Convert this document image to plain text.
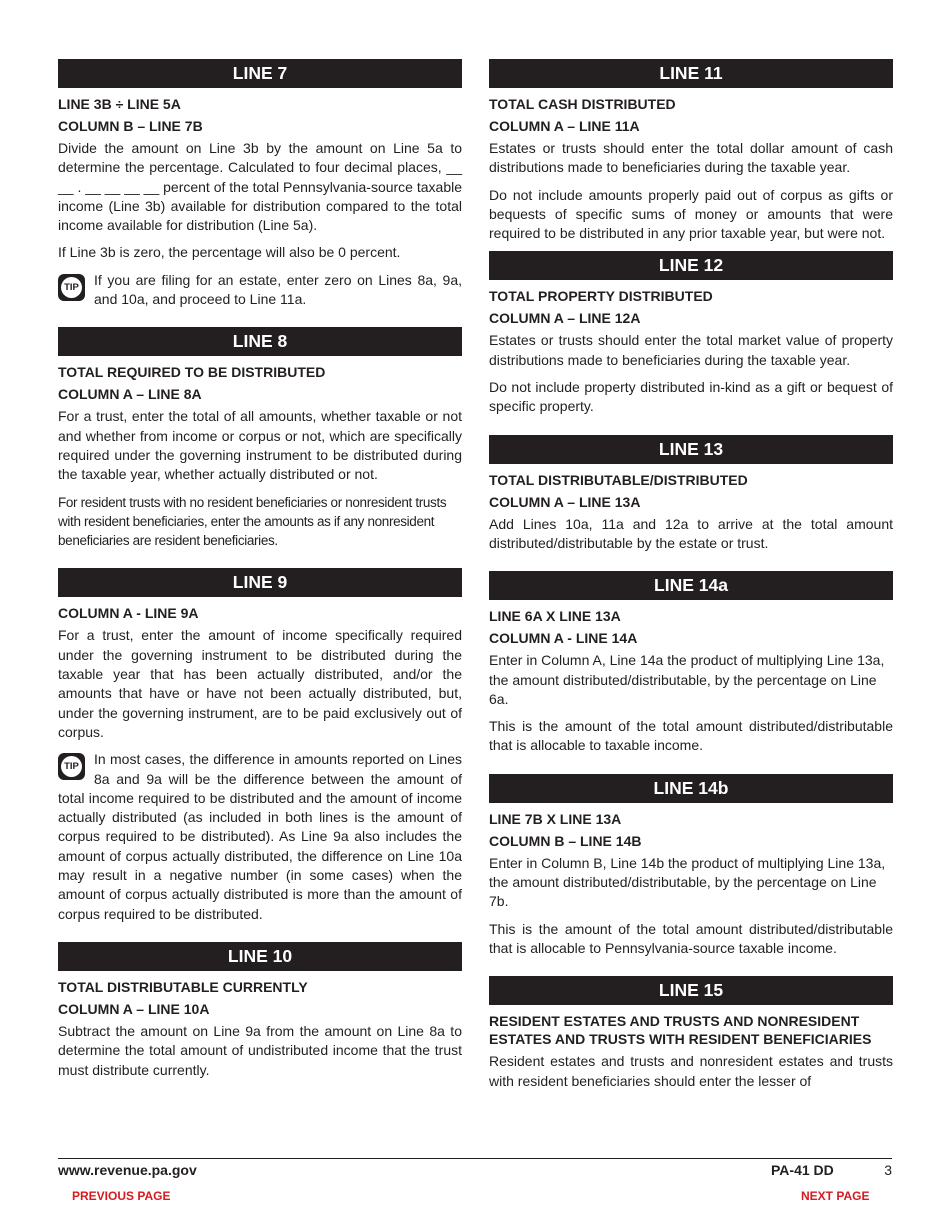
LINE 7
LINE 3B ÷ LINE 5A
COLUMN B – LINE 7B
Divide the amount on Line 3b by the amount on Line 5a to determine the percentage. Calculated to four decimal places, __ __ . __ __ __ __ percent of the total Pennsylvania-source taxable income (Line 3b) available for distribution compared to the total income available for distribution (Line 5a).
If Line 3b is zero, the percentage will also be 0 percent.
TIP If you are filing for an estate, enter zero on Lines 8a, 9a, and 10a, and proceed to Line 11a.
LINE 8
TOTAL REQUIRED TO BE DISTRIBUTED
COLUMN A – LINE 8A
For a trust, enter the total of all amounts, whether taxable or not and whether from income or corpus or not, which are specifically required under the governing instrument to be distributed during the taxable year, whether actually distributed or not.
For resident trusts with no resident beneficiaries or nonresident trusts with resident beneficiaries, enter the amounts as if any nonresident beneficiaries are resident beneficiaries.
LINE 9
COLUMN A - LINE 9A
For a trust, enter the amount of income specifically required under the governing instrument to be distributed during the taxable year that has been actually distributed, and/or the amounts that have or have not been actually distributed, but, under the governing instrument, are to be paid exclusively out of corpus.
TIP In most cases, the difference in amounts reported on Lines 8a and 9a will be the difference between the amount of total income required to be distributed and the amount of income actually distributed (as included in both lines is the amount of corpus required to be distributed). As Line 9a also includes the amount of corpus actually distributed, the difference on Line 10a may result in a negative number (in some cases) when the amount of corpus actually distributed is more than the amount of corpus required to be distributed.
LINE 10
TOTAL DISTRIBUTABLE CURRENTLY
COLUMN A – LINE 10A
Subtract the amount on Line 9a from the amount on Line 8a to determine the total amount of undistributed income that the trust must distribute currently.
LINE 11
TOTAL CASH DISTRIBUTED
COLUMN A – LINE 11A
Estates or trusts should enter the total dollar amount of cash distributions made to beneficiaries during the taxable year.
Do not include amounts properly paid out of corpus as gifts or bequests of specific sums of money or amounts that were required to be distributed in any prior taxable year, but were not.
LINE 12
TOTAL PROPERTY DISTRIBUTED
COLUMN A – LINE 12A
Estates or trusts should enter the total market value of property distributions made to beneficiaries during the taxable year.
Do not include property distributed in-kind as a gift or bequest of specific property.
LINE 13
TOTAL DISTRIBUTABLE/DISTRIBUTED
COLUMN A – LINE 13A
Add Lines 10a, 11a and 12a to arrive at the total amount distributed/distributable by the estate or trust.
LINE 14a
LINE 6A X LINE 13A
COLUMN A - LINE 14A
Enter in Column A, Line 14a the product of multiplying Line 13a, the amount distributed/distributable, by the percentage on Line 6a.
This is the amount of the total amount distributed/distributable that is allocable to taxable income.
LINE 14b
LINE 7B X LINE 13A
COLUMN B – LINE 14B
Enter in Column B, Line 14b the product of multiplying Line 13a, the amount distributed/distributable, by the percentage on Line 7b.
This is the amount of the total amount distributed/distributable that is allocable to Pennsylvania-source taxable income.
LINE 15
RESIDENT ESTATES AND TRUSTS AND NONRESIDENT ESTATES AND TRUSTS WITH RESIDENT BENEFICIARIES
Resident estates and trusts and nonresident estates and trusts with resident beneficiaries should enter the lesser of
www.revenue.pa.gov	PA-41 DD	3
PREVIOUS PAGE	NEXT PAGE
